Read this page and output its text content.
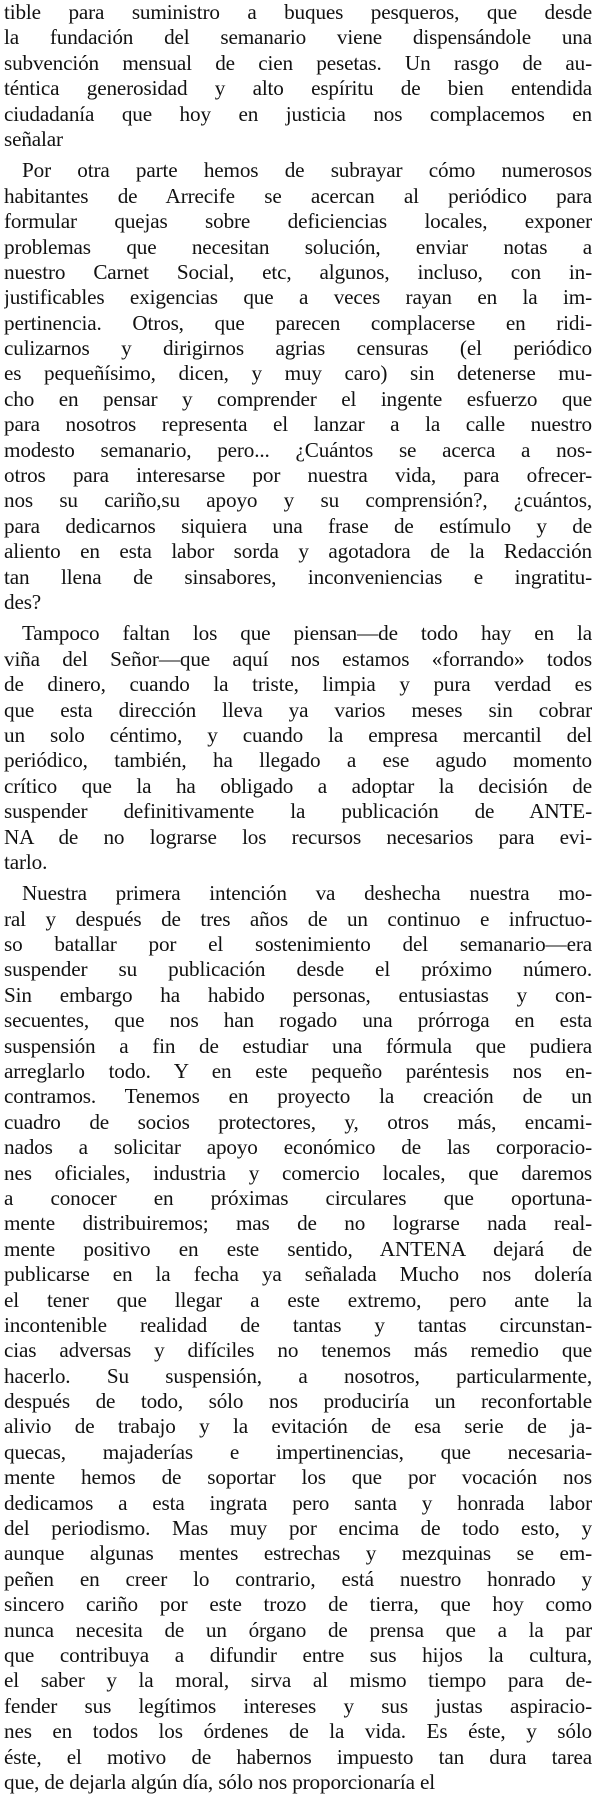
tible para suministro a buques pesqueros, que desde
la fundación del semanario viene dispensándole una
subvención mensual de cien pesetas. Un rasgo de au-
téntica generosidad y alto espíritu de bien entendida
ciudadanía que hoy en justicia nos complacemos en
señalar
Por otra parte hemos de subrayar cómo numerosos
habitantes de Arrecife se acercan al periódico para
formular quejas sobre deficiencias locales, exponer
problemas que necesitan solución, enviar notas a
nuestro Carnet Social, etc, algunos, incluso, con in-
justificables exigencias que a veces rayan en la im-
pertinencia. Otros, que parecen complacerse en ridi-
culizarnos y dirigirnos agrias censuras (el periódico
es pequeñísimo, dicen, y muy caro) sin detenerse mu-
cho en pensar y comprender el ingente esfuerzo que
para nosotros representa el lanzar a la calle nuestro
modesto semanario, pero... ¿Cuántos se acerca a nos-
otros para interesarse por nuestra vida, para ofrecer-
nos su cariño,su apoyo y su comprensión?, ¿cuántos,
para dedicarnos siquiera una frase de estímulo y de
aliento en esta labor sorda y agotadora de la Redacción
tan llena de sinsabores, inconveniencias e ingratitu-
des?
Tampoco faltan los que piensan—de todo hay en la
viña del Señor—que aquí nos estamos «forrando» todos
de dinero, cuando la triste, limpia y pura verdad es
que esta dirección lleva ya varios meses sin cobrar
un solo céntimo, y cuando la empresa mercantil del
periódico, también, ha llegado a ese agudo momento
crítico que la ha obligado a adoptar la decisión de
suspender definitivamente la publicación de ANTE-
NA de no lograrse los recursos necesarios para evi-
tarlo.
Nuestra primera intención va deshecha nuestra mo-
ral y después de tres años de un continuo e infructuo-
so batallar por el sostenimiento del semanario—era
suspender su publicación desde el próximo número.
Sin embargo ha habido personas, entusiastas y con-
secuentes, que nos han rogado una prórroga en esta
suspensión a fin de estudiar una fórmula que pudiera
arreglarlo todo. Y en este pequeño paréntesis nos en-
contramos. Tenemos en proyecto la creación de un
cuadro de socios protectores, y, otros más, encami-
nados a solicitar apoyo económico de las corporacio-
nes oficiales, industria y comercio locales, que daremos
a conocer en próximas circulares que oportuna-
mente distribuiremos; mas de no lograrse nada real-
mente positivo en este sentido, ANTENA dejará de
publicarse en la fecha ya señalada Mucho nos dolería
el tener que llegar a este extremo, pero ante la
incontenible realidad de tantas y tantas circunstan-
cias adversas y difíciles no tenemos más remedio que
hacerlo. Su suspensión, a nosotros, particularmente,
después de todo, sólo nos produciría un reconfortable
alivio de trabajo y la evitación de esa serie de ja-
quecas, majaderías e impertinencias, que necesaria-
mente hemos de soportar los que por vocación nos
dedicamos a esta ingrata pero santa y honrada labor
del periodismo. Mas muy por encima de todo esto, y
aunque algunas mentes estrechas y mezquinas se em-
peñen en creer lo contrario, está nuestro honrado y
sincero cariño por este trozo de tierra, que hoy como
nunca necesita de un órgano de prensa que a la par
que contribuya a difundir entre sus hijos la cultura,
el saber y la moral, sirva al mismo tiempo para de-
fender sus legítimos intereses y sus justas aspiracio-
nes en todos los órdenes de la vida. Es éste, y sólo
éste, el motivo de habernos impuesto tan dura tarea
que, de dejarla algún día, sólo nos proporcionaría el
